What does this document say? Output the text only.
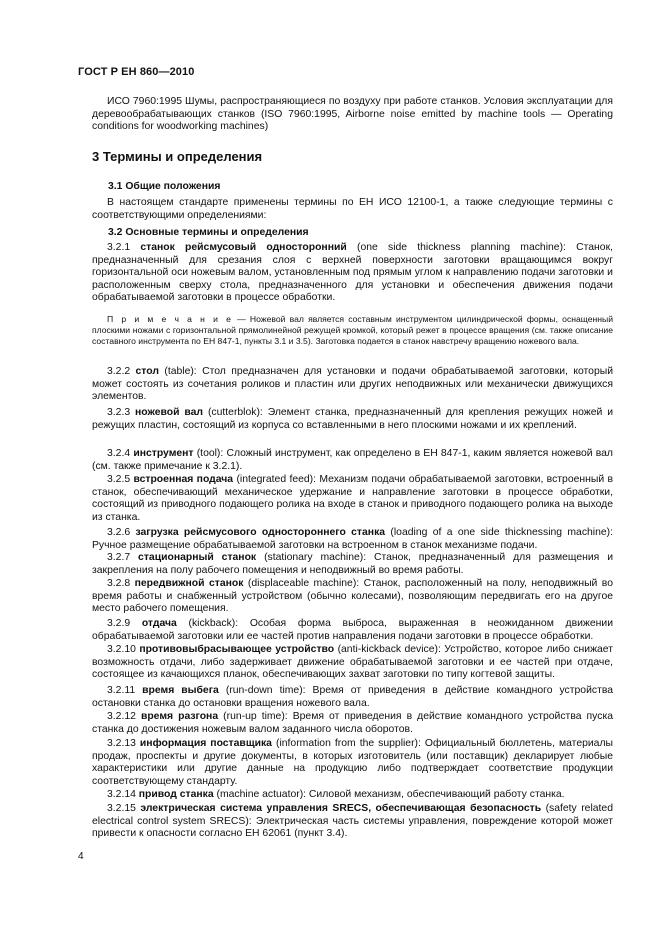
ГОСТ Р ЕН 860—2010

ИСО 7960:1995 Шумы, распространяющиеся по воздуху при работе станков. Условия эксплуатации для деревообрабатывающих станков (ISO 7960:1995, Airborne noise emitted by machine tools — Operating conditions for woodworking machines)

3 Термины и определения
3.1 Общие положения

В настоящем стандарте применены термины по ЕН ИСО 12100-1, а также следующие термины с соответствующими определениями:

3.2 Основные термины и определения

3.2.1 станок рейсмусовый односторонний (one side thickness planning machine): Станок, предназначенный для срезания слоя с верхней поверхности заготовки вращающимся вокруг горизонтальной оси ножевым валом, установленным под прямым углом к направлению подачи заготовки и расположенным сверху стола, предназначенного для установки и обеспечения движения подачи обрабатываемой заготовки в процессе обработки.

П р и м е ч а н и е — Ножевой вал является составным инструментом цилиндрической формы, оснащенный плоскими ножами с горизонтальной прямолинейной режущей кромкой, который режет в процессе вращения (см. также описание составного инструмента по ЕН 847-1, пункты 3.1 и 3.5). Заготовка подается в станок навстречу вращению ножевого вала.

3.2.2 стол (table): Стол предназначен для установки и подачи обрабатываемой заготовки, который может состоять из сочетания роликов и пластин или других неподвижных или механически движущихся элементов.

3.2.3 ножевой вал (cutterblok): Элемент станка, предназначенный для крепления режущих ножей и режущих пластин, состоящий из корпуса со вставленными в него плоскими ножами и их креплений.

3.2.4 инструмент (tool): Сложный инструмент, как определено в ЕН 847-1, каким является ножевой вал (см. также примечание к 3.2.1).

3.2.5 встроенная подача (integrated feed): Механизм подачи обрабатываемой заготовки, встроенный в станок, обеспечивающий механическое удержание и направление заготовки в процессе обработки, состоящий из приводного подающего ролика на входе в станок и приводного подающего ролика на выходе из станка.

3.2.6 загрузка рейсмусового одностороннего станка (loading of a one side thicknessing machine): Ручное размещение обрабатываемой заготовки на встроенном в станок механизме подачи.

3.2.7 стационарный станок (stationary machine): Станок, предназначенный для размещения и закрепления на полу рабочего помещения и неподвижный во время работы.

3.2.8 передвижной станок (displaceable machine): Станок, расположенный на полу, неподвижный во время работы и снабженный устройством (обычно колесами), позволяющим передвигать его на другое место рабочего помещения.

3.2.9 отдача (kickback): Особая форма выброса, выраженная в неожиданном движении обрабатываемой заготовки или ее частей против направления подачи заготовки в процессе обработки.

3.2.10 противовыбрасывающее устройство (anti-kickback device): Устройство, которое либо снижает возможность отдачи, либо задерживает движение обрабатываемой заготовки и ее частей при отдаче, состоящее из качающихся планок, обеспечивающих захват заготовки по типу когтевой защиты.

3.2.11 время выбега (run-down time): Время от приведения в действие командного устройства остановки станка до остановки вращения ножевого вала.

3.2.12 время разгона (run-up time): Время от приведения в действие командного устройства пуска станка до достижения ножевым валом заданного числа оборотов.

3.2.13 информация поставщика (information from the supplier): Официальный бюллетень, материалы продаж, проспекты и другие документы, в которых изготовитель (или поставщик) декларирует любые характеристики или другие данные на продукцию либо подтверждает соответствие продукции соответствующему стандарту.

3.2.14 привод станка (machine actuator): Силовой механизм, обеспечивающий работу станка.

3.2.15 электрическая система управления SRECS, обеспечивающая безопасность (safety related electrical control system SRECS): Электрическая часть системы управления, повреждение которой может привести к опасности согласно ЕН 62061 (пункт 3.4).

4
